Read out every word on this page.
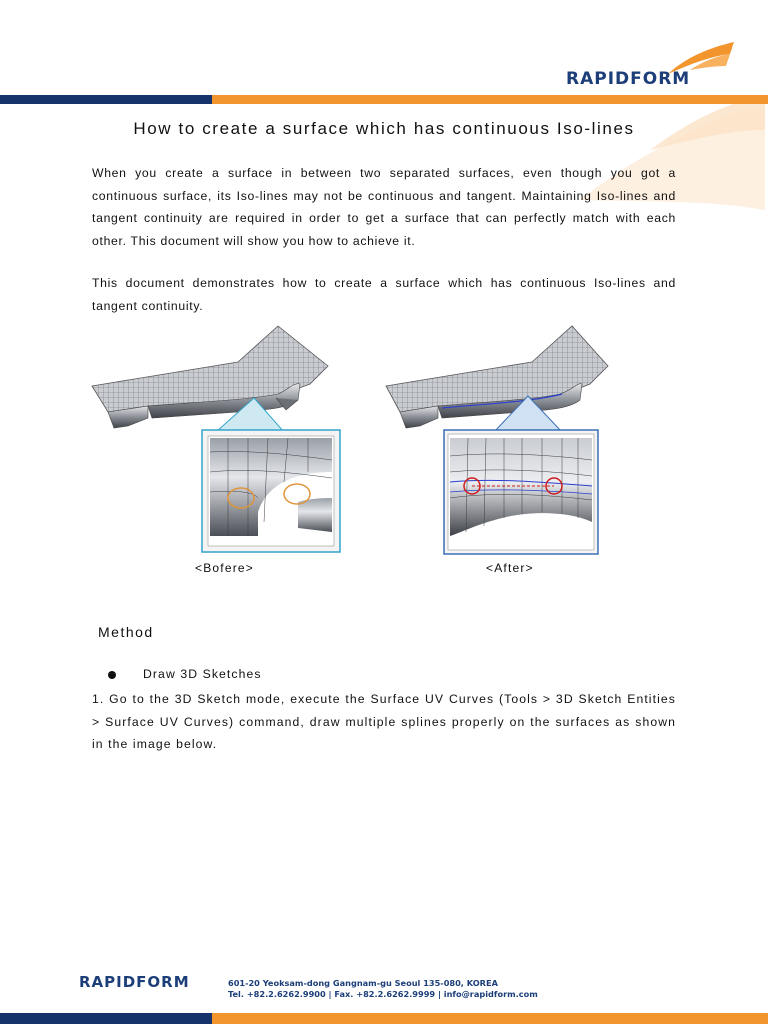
RAPIDFORM
How to create a surface which has continuous Iso-lines
When you create a surface in between two separated surfaces, even though you got a continuous surface, its Iso-lines may not be continuous and tangent. Maintaining Iso-lines and tangent continuity are required in order to get a surface that can perfectly match with each other. This document will show you how to achieve it.
This document demonstrates how to create a surface which has continuous Iso-lines and tangent continuity.
<Bofere>	<After>
Method
Draw 3D Sketches
1. Go to the 3D Sketch mode, execute the Surface UV Curves (Tools > 3D Sketch Entities > Surface UV Curves) command, draw multiple splines properly on the surfaces as shown in the image below.
RAPIDFORM	601-20 Yeoksam-dong Gangnam-gu Seoul 135-080, KOREA
Tel. +82.2.6262.9900 | Fax. +82.2.6262.9999 | info@rapidform.com
